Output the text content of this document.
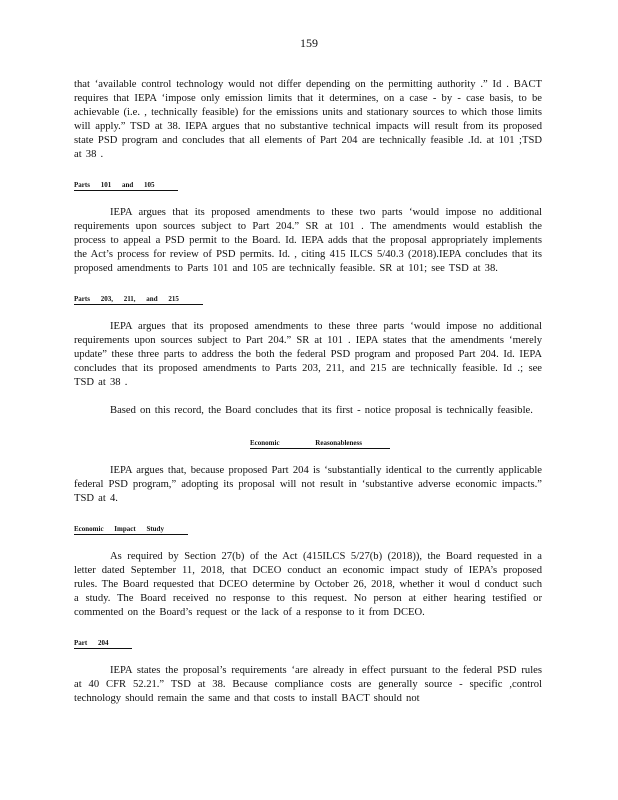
159

that ‘available control technology would not differ depending on the permitting authority .” Id . BACT requires that IEPA ‘impose only emission limits that it determines, on a case - by - case basis, to be achievable (i.e. , technically feasible) for the emissions units and stationary sources to which those limits will apply.” TSD at 38. IEPA argues that no substantive technical impacts will result from its proposed state PSD program and concludes that all elements of Part 204 are technically feasible .Id. at 101 ;TSD at 38 .

Parts 101 and 105

IEPA argues that its proposed amendments to these two parts ‘would impose no additional requirements upon sources subject to Part 204.” SR at 101 . The amendments would establish the process to appeal a PSD permit to the Board. Id. IEPA adds that the proposal appropriately implements the Act’s process for review of PSD permits. Id. , citing 415 ILCS 5/40.3 (2018).IEPA concludes that its proposed amendments to Parts 101 and 105 are technically feasible. SR at 101; see TSD at 38.

Parts 203, 211, and 215

IEPA argues that its proposed amendments to these three parts ‘would impose no additional requirements upon sources subject to Part 204.” SR at 101 . IEPA states that the amendments ‘merely update” these three parts to address the both the federal PSD program and proposed Part 204. Id. IEPA concludes that its proposed amendments to Parts 203, 211, and 215 are technically feasible. Id .; see TSD at 38 .

Based on this record, the Board concludes that its first - notice proposal is technically feasible.

Economic Reasonableness

IEPA argues that, because proposed Part 204 is ‘substantially identical to the currently applicable federal PSD program,” adopting its proposal will not result in ‘substantive adverse economic impacts.” TSD at 4.

Economic Impact Study

As required by Section 27(b) of the Act (415ILCS 5/27(b) (2018)), the Board requested in a letter dated September 11, 2018, that DCEO conduct an economic impact study of IEPA’s proposed rules. The Board requested that DCEO determine by October 26, 2018, whether it woul d conduct such a study. The Board received no response to this request. No person at either hearing testified or commented on the Board’s request or the lack of a response to it from DCEO.

Part 204

IEPA states the proposal’s requirements ‘are already in effect pursuant to the federal PSD rules at 40 CFR 52.21.” TSD at 38. Because compliance costs are generally source - specific ,control technology should remain the same and that costs to install BACT should not
